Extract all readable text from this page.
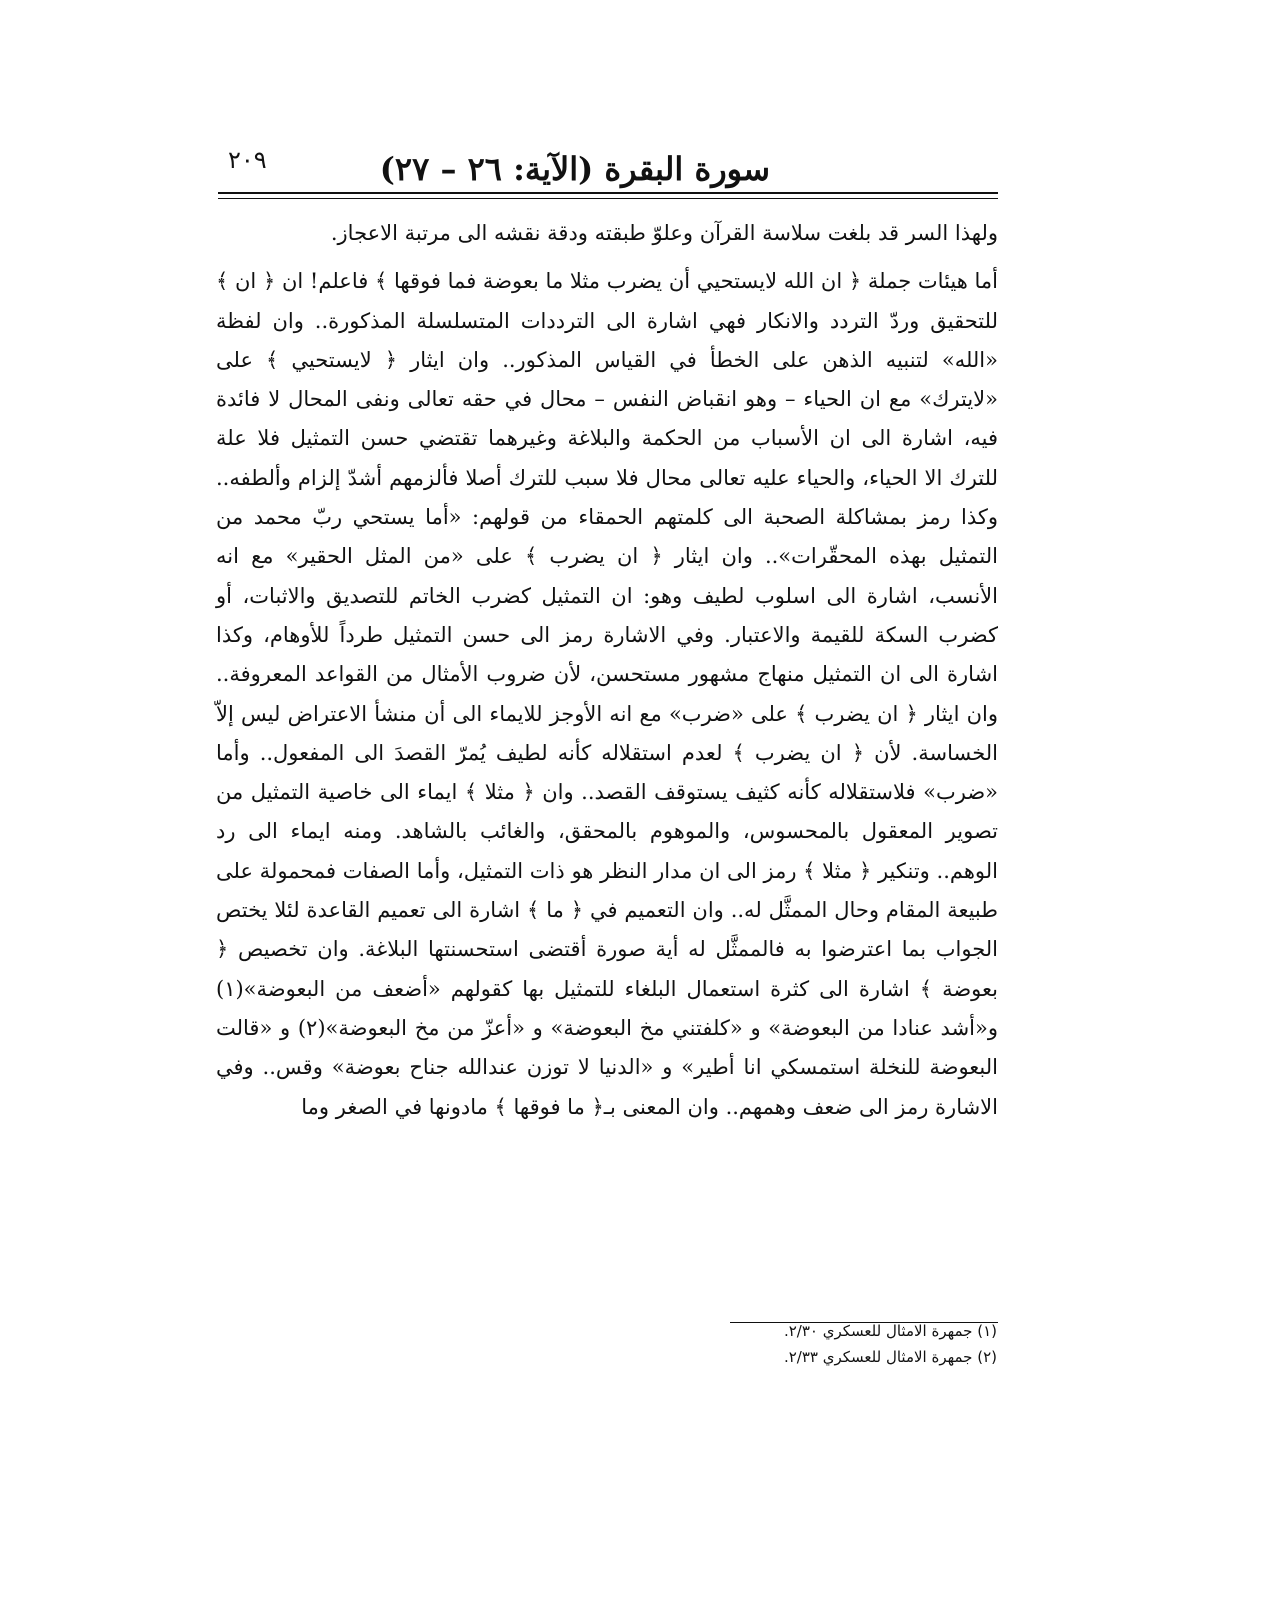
٢٠٩	سورة البقرة (الآية: ٢٦ – ٢٧)

ولهذا السر قد بلغت سلاسة القرآن وعلوّ طبقته ودقة نقشه الى مرتبة الاعجاز.

أما هيئات جملة ﴿ ان الله لايستحيي أن يضرب مثلا ما بعوضة فما فوقها ﴾ فاعلم! ان ﴿ ان ﴾ للتحقيق وردّ التردد والانكار فهي اشارة الى الترددات المتسلسلة المذكورة.. وان لفظة «الله» لتنبيه الذهن على الخطأ في القياس المذكور.. وان ايثار ﴿ لايستحيي ﴾ على «لايترك» مع ان الحياء – وهو انقباض النفس – محال في حقه تعالى ونفى المحال لا فائدة فيه، اشارة الى ان الأسباب من الحكمة والبلاغة وغيرهما تقتضي حسن التمثيل فلا علة للترك الا الحياء، والحياء عليه تعالى محال فلا سبب للترك أصلا فألزمهم أشدّ إلزام وألطفه.. وكذا رمز بمشاكلة الصحبة الى كلمتهم الحمقاء من قولهم: «أما يستحي ربّ محمد من التمثيل بهذه المحقّرات».. وان ايثار ﴿ ان يضرب ﴾ على «من المثل الحقير» مع انه الأنسب، اشارة الى اسلوب لطيف وهو: ان التمثيل كضرب الخاتم للتصديق والاثبات، أو كضرب السكة للقيمة والاعتبار. وفي الاشارة رمز الى حسن التمثيل طرداً للأوهام، وكذا اشارة الى ان التمثيل منهاج مشهور مستحسن، لأن ضروب الأمثال من القواعد المعروفة.. وان ايثار ﴿ ان يضرب ﴾ على «ضرب» مع انه الأوجز للايماء الى أن منشأ الاعتراض ليس إلاّ الخساسة. لأن ﴿ ان يضرب ﴾ لعدم استقلاله كأنه لطيف يُمرّ القصدَ الى المفعول.. وأما «ضرب» فلاستقلاله كأنه كثيف يستوقف القصد.. وان ﴿ مثلا ﴾ ايماء الى خاصية التمثيل من تصوير المعقول بالمحسوس، والموهوم بالمحقق، والغائب بالشاهد. ومنه ايماء الى رد الوهم.. وتنكير ﴿ مثلا ﴾ رمز الى ان مدار النظر هو ذات التمثيل، وأما الصفات فمحمولة على طبيعة المقام وحال الممثَّل له.. وان التعميم في ﴿ ما ﴾ اشارة الى تعميم القاعدة لئلا يختص الجواب بما اعترضوا به فالممثَّل له أية صورة أقتضى استحسنتها البلاغة. وان تخصيص ﴿ بعوضة ﴾ اشارة الى كثرة استعمال البلغاء للتمثيل بها كقولهم «أضعف من البعوضة»(١) و«أشد عنادا من البعوضة» و «كلفتني مخ البعوضة» و «أعزّ من مخ البعوضة»(٢) و «قالت البعوضة للنخلة استمسكي انا أطير» و «الدنيا لا توزن عندالله جناح بعوضة» وقس.. وفي الاشارة رمز الى ضعف وهمهم.. وان المعنى بـ﴿ ما فوقها ﴾ مادونها في الصغر وما

(١) جمهرة الامثال للعسكري ٢/٣٠.
(٢) جمهرة الامثال للعسكري ٢/٣٣.
